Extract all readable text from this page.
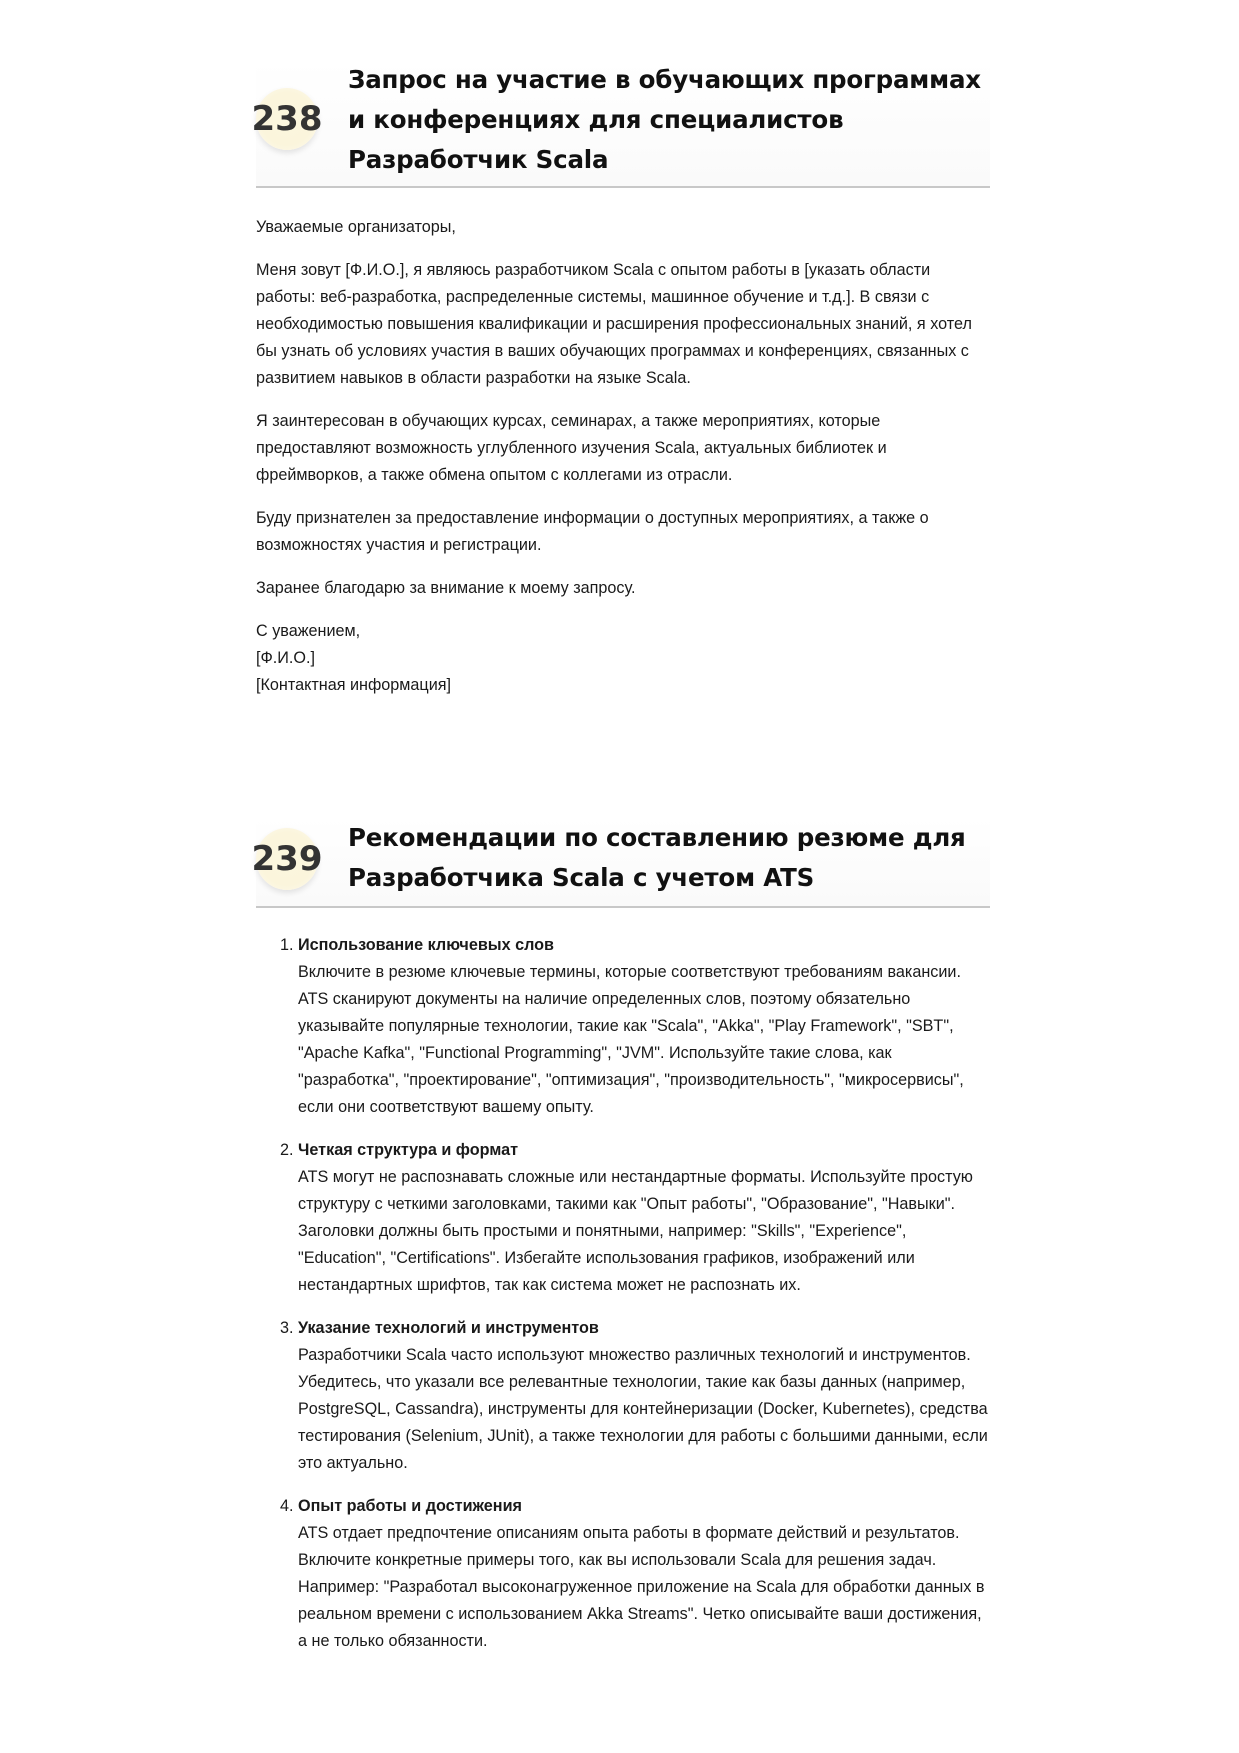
238
Запрос на участие в обучающих программах и конференциях для специалистов Разработчик Scala

Уважаемые организаторы,

Меня зовут [Ф.И.О.], я являюсь разработчиком Scala с опытом работы в [указать области работы: веб-разработка, распределенные системы, машинное обучение и т.д.]. В связи с необходимостью повышения квалификации и расширения профессиональных знаний, я хотел бы узнать об условиях участия в ваших обучающих программах и конференциях, связанных с развитием навыков в области разработки на языке Scala.

Я заинтересован в обучающих курсах, семинарах, а также мероприятиях, которые предоставляют возможность углубленного изучения Scala, актуальных библиотек и фреймворков, а также обмена опытом с коллегами из отрасли.

Буду признателен за предоставление информации о доступных мероприятиях, а также о возможностях участия и регистрации.

Заранее благодарю за внимание к моему запросу.

С уважением,
[Ф.И.О.]
[Контактная информация]

239
Рекомендации по составлению резюме для Разработчика Scala с учетом ATS
1. Использование ключевых слов
Включите в резюме ключевые термины, которые соответствуют требованиям вакансии. ATS сканируют документы на наличие определенных слов, поэтому обязательно указывайте популярные технологии, такие как "Scala", "Akka", "Play Framework", "SBT", "Apache Kafka", "Functional Programming", "JVM". Используйте такие слова, как "разработка", "проектирование", "оптимизация", "производительность", "микросервисы", если они соответствуют вашему опыту.
2. Четкая структура и формат
ATS могут не распознавать сложные или нестандартные форматы. Используйте простую структуру с четкими заголовками, такими как "Опыт работы", "Образование", "Навыки". Заголовки должны быть простыми и понятными, например: "Skills", "Experience", "Education", "Certifications". Избегайте использования графиков, изображений или нестандартных шрифтов, так как система может не распознать их.
3. Указание технологий и инструментов
Разработчики Scala часто используют множество различных технологий и инструментов. Убедитесь, что указали все релевантные технологии, такие как базы данных (например, PostgreSQL, Cassandra), инструменты для контейнеризации (Docker, Kubernetes), средства тестирования (Selenium, JUnit), а также технологии для работы с большими данными, если это актуально.
4. Опыт работы и достижения
ATS отдает предпочтение описаниям опыта работы в формате действий и результатов. Включите конкретные примеры того, как вы использовали Scala для решения задач. Например: "Разработал высоконагруженное приложение на Scala для обработки данных в реальном времени с использованием Akka Streams". Четко описывайте ваши достижения, а не только обязанности.
